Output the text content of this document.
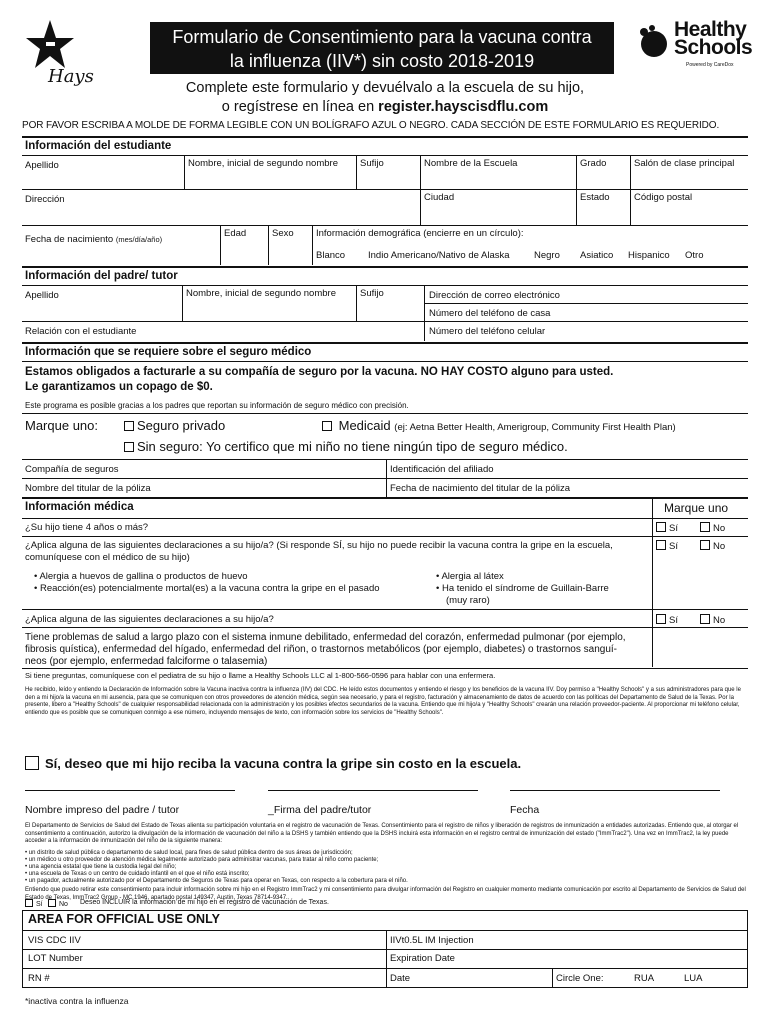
Hays
Formulario de Consentimiento para la vacuna contra
la influenza (IIV*) sin costo 2018-2019
Healthy
Schools
Powered by CareDox
Complete este formulario y devuélvalo a la escuela de su hijo,
o regístrese en línea en register.hayscisdflu.com
POR FAVOR ESCRIBA A MOLDE DE FORMA LEGIBLE CON UN BOLÍGRAFO AZUL O NEGRO. CADA SECCIÓN DE ESTE FORMULARIO ES REQUERIDO.
Información del estudiante
Apellido	Nombre, inicial de segundo nombre	Sufijo	Nombre de la Escuela	Grado	Salón de clase principal
Dirección	Ciudad	Estado	Código postal
Fecha de nacimiento (mes/día/año)
Edad	Sexo	Información demográfica (encierre en un círculo):
Blanco Indio Americano/Nativo de Alaska	Negro Asiatico Hispanico Otro
Información del padre/ tutor
Apellido	Nombre, inicial de segundo nombre	Sufijo	Dirección de correo electrónico
Número del teléfono de casa
Relación con el estudiante	Número del teléfono celular
Información que se requiere sobre el seguro médico
Estamos obligados a facturarle a su compañía de seguro por la vacuna. NO HAY COSTO alguno para usted.
Le garantizamos un copago de $0.
Este programa es posible gracias a los padres que reportan su información de seguro médico con precisión.
Marque uno:	Seguro privado	Medicaid (ej: Aetna Better Health, Amerigroup, Community First Health Plan)
Sin seguro: Yo certifico que mi niño no tiene ningún tipo de seguro médico.
Compañía de seguros	Identificación del afiliado
Nombre del titular de la póliza	Fecha de nacimiento del titular de la póliza
Información médica	Marque uno
¿Su hijo tiene 4 años o más?	Sí	No
¿Aplica alguna de las siguientes declaraciones a su hijo/a? (Si responde SÍ, su hijo no puede recibir la vacuna contra la gripe en la escuela,
comuníquese con el médico de su hijo)
Sí	No
• Alergia a huevos de gallina o productos de huevo
• Reacción(es) potencialmente mortal(es) a la vacuna contra la gripe en el pasado
• Alergia al látex
• Ha tenido el síndrome de Guillain-Barre
(muy raro)
¿Aplica alguna de las siguientes declaraciones a su hijo/a?	Sí	No
Tiene problemas de salud a largo plazo con el sistema inmune debilitado, enfermedad del corazón, enfermedad pulmonar (por ejemplo,
fibrosis quística), enfermedad del hígado, enfermedad del riñon, o trastornos metabólicos (por ejemplo, diabetes) o trastornos sanguí-
neos (por ejemplo, enfermedad falciforme o talasemia)
Si tiene preguntas, comuníquese con el pediatra de su hijo o llame a Healthy Schools LLC al 1-800-566-0596 para hablar con una enfermera.
He recibido, leído y entiendo la Declaración de Información sobre la Vacuna inactiva contra la influenza (IIV) del CDC. He leído estos documentos y entiendo el riesgo y los beneficios de la vacuna IIV. Doy permiso a "Healthy Schools" y a sus administradores para que le den a mi hijo/a la vacuna en mi ausencia, para que se comuniquen con otros proveedores de atención médica, según sea necesario, y para el registro, facturación y almacenamiento de datos de acuerdo con las políticas del Departamento de Salud de la Texas. Por la presente, libero a "Healthy Schools" de cualquier responsabilidad relacionada con la administración y los posibles efectos secundarios de la vacuna. Entiendo que mi hijo/a y "Healthy Schools" crearán una relación proveedor-paciente. Al proporcionar mi teléfono celular, entiendo que es posible que se comuniquen conmigo a ese número, incluyendo mensajes de texto, con información sobre los servicios de "Healthy Schools".
Sí, deseo que mi hijo reciba la vacuna contra la gripe sin costo en la escuela.
Nombre impreso del padre / tutor	_Firma del padre/tutor	Fecha
El Departamento de Servicios de Salud del Estado de Texas alienta su participación voluntaria en el registro de vacunación de Texas. Consentimiento para el registro de niños y liberación de registros de inmunización a entidades autorizadas. Entiendo que, al otorgar el consentimiento a continuación, autorizo la divulgación de la información de vacunación del niño a la DSHS y también entiendo que la DSHS incluirá esta información en el registro central de inmunización del estado ("ImmTrac2"). Una vez en ImmTrac2, la ley puede acceder a la información de inmunización del niño de la siguiente manera:
• un distrito de salud pública o departamento de salud local, para fines de salud pública dentro de sus áreas de jurisdicción;
• un médico u otro proveedor de atención médica legalmente autorizado para administrar vacunas, para tratar al niño como paciente;
• una agencia estatal que tiene la custodia legal del niño;
• una escuela de Texas o un centro de cuidado infantil en el que el niño está inscrito;
• un pagador, actualmente autorizado por el Departamento de Seguros de Texas para operar en Texas, con respecto a la cobertura para el niño.
Entiendo que puedo retirar este consentimiento para incluir información sobre mi hijo en el Registro ImmTrac2 y mi consentimiento para divulgar información del Registro en cualquier momento mediante comunicación por escrito al Departamento de Servicios de Salud del Estado de Texas, ImmTrac2 Group - MC 1946, apartado postal 149347, Austin, Texas 78714-9347.
Sí	No Deseo INCLUIR la información de mi hijo en el registro de vacunación de Texas.
AREA FOR OFFICIAL USE ONLY
VIS CDC IIV	IIVt0.5L IM Injection
LOT Number	Expiration Date
RN #	Date	Circle One:	RUA	LUA
*inactiva contra la influenza
